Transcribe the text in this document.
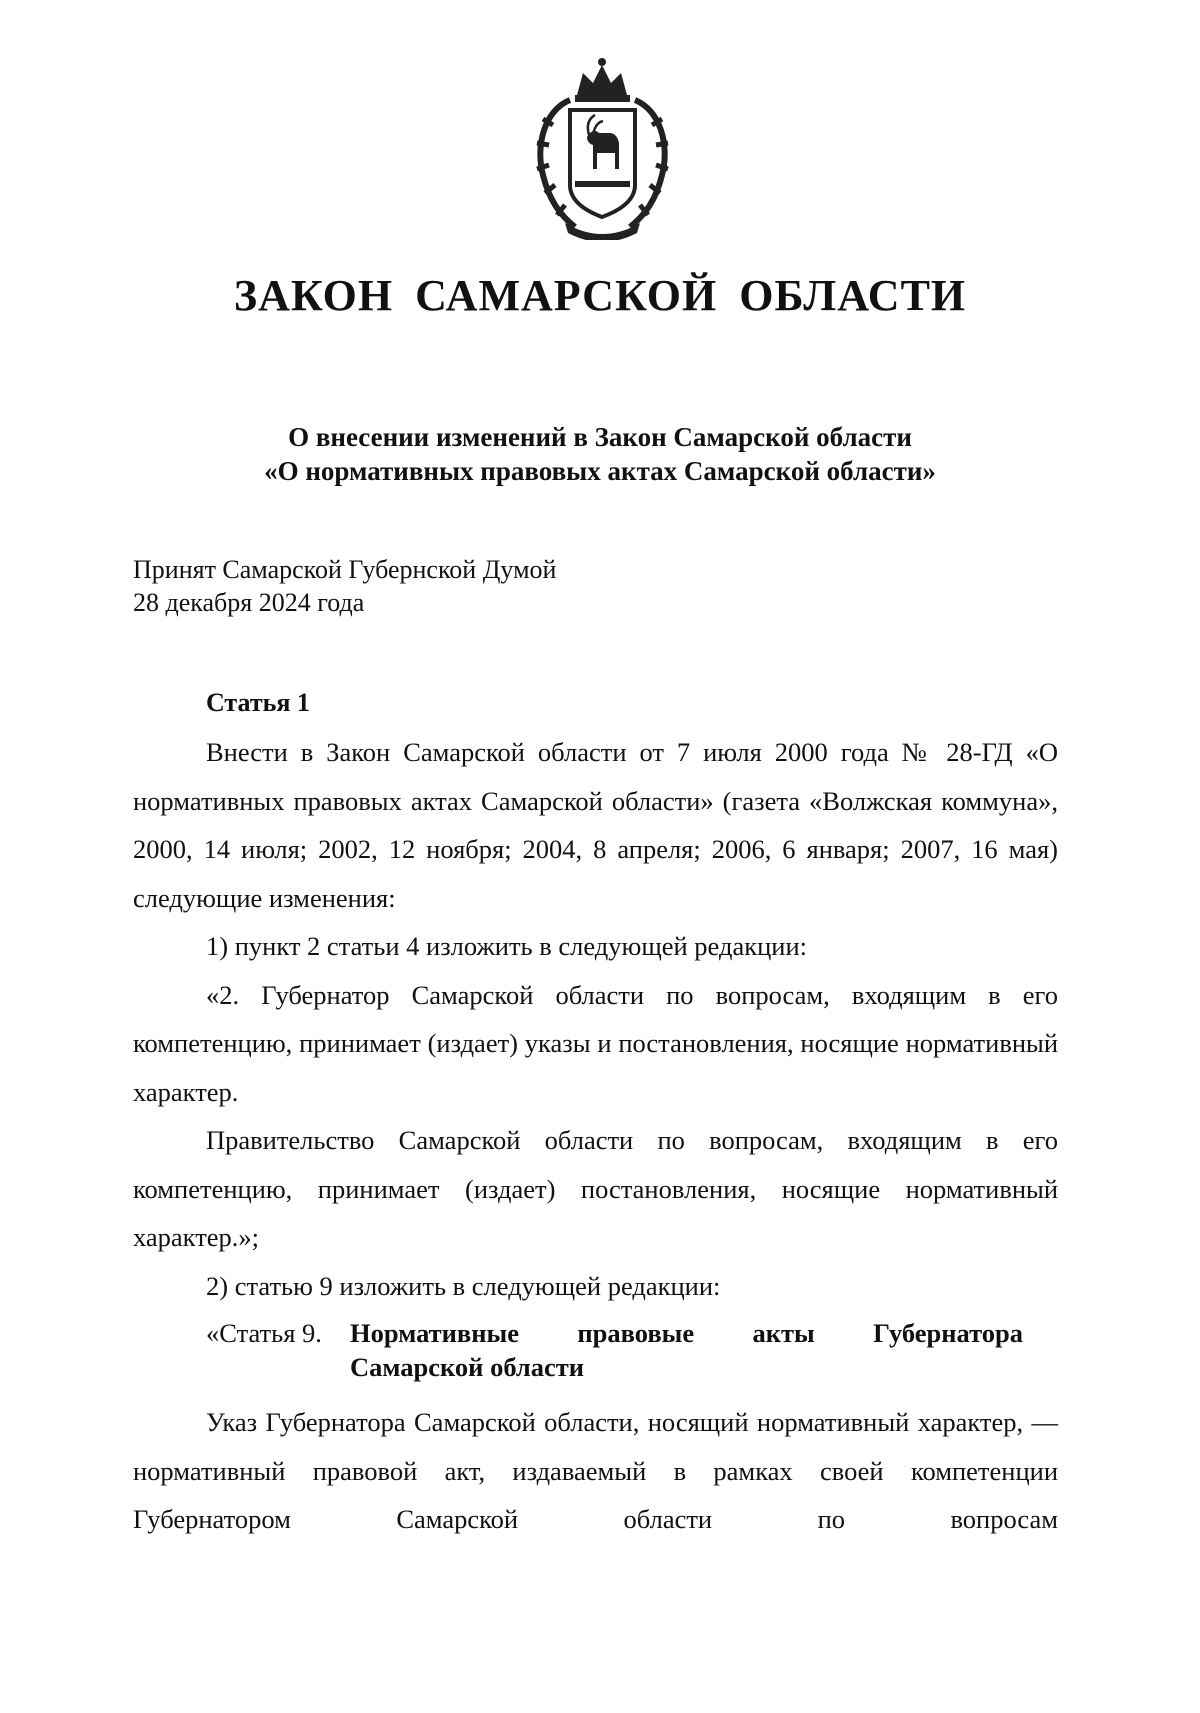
ЗАКОН САМАРСКОЙ ОБЛАСТИ
О внесении изменений в Закон Самарской области
«О нормативных правовых актах Самарской области»
Принят Самарской Губернской Думой
28 декабря 2024 года
Статья 1

Внести в Закон Самарской области от 7 июля 2000 года № 28-ГД «О нормативных правовых актах Самарской области» (газета «Волжская коммуна», 2000, 14 июля; 2002, 12 ноября; 2004, 8 апреля; 2006, 6 января; 2007, 16 мая) следующие изменения:

1) пункт 2 статьи 4 изложить в следующей редакции:

«2. Губернатор Самарской области по вопросам, входящим в его компетенцию, принимает (издает) указы и постановления, носящие нормативный характер.

Правительство Самарской области по вопросам, входящим в его компетенцию, принимает (издает) постановления, носящие нормативный характер.»;

2) статью 9 изложить в следующей редакции:

«Статья 9.	Нормативные правовые акты Губернатора
Самарской области

Указ Губернатора Самарской области, носящий нормативный характер, — нормативный правовой акт, издаваемый в рамках своей компетенции Губернатором Самарской области по вопросам
